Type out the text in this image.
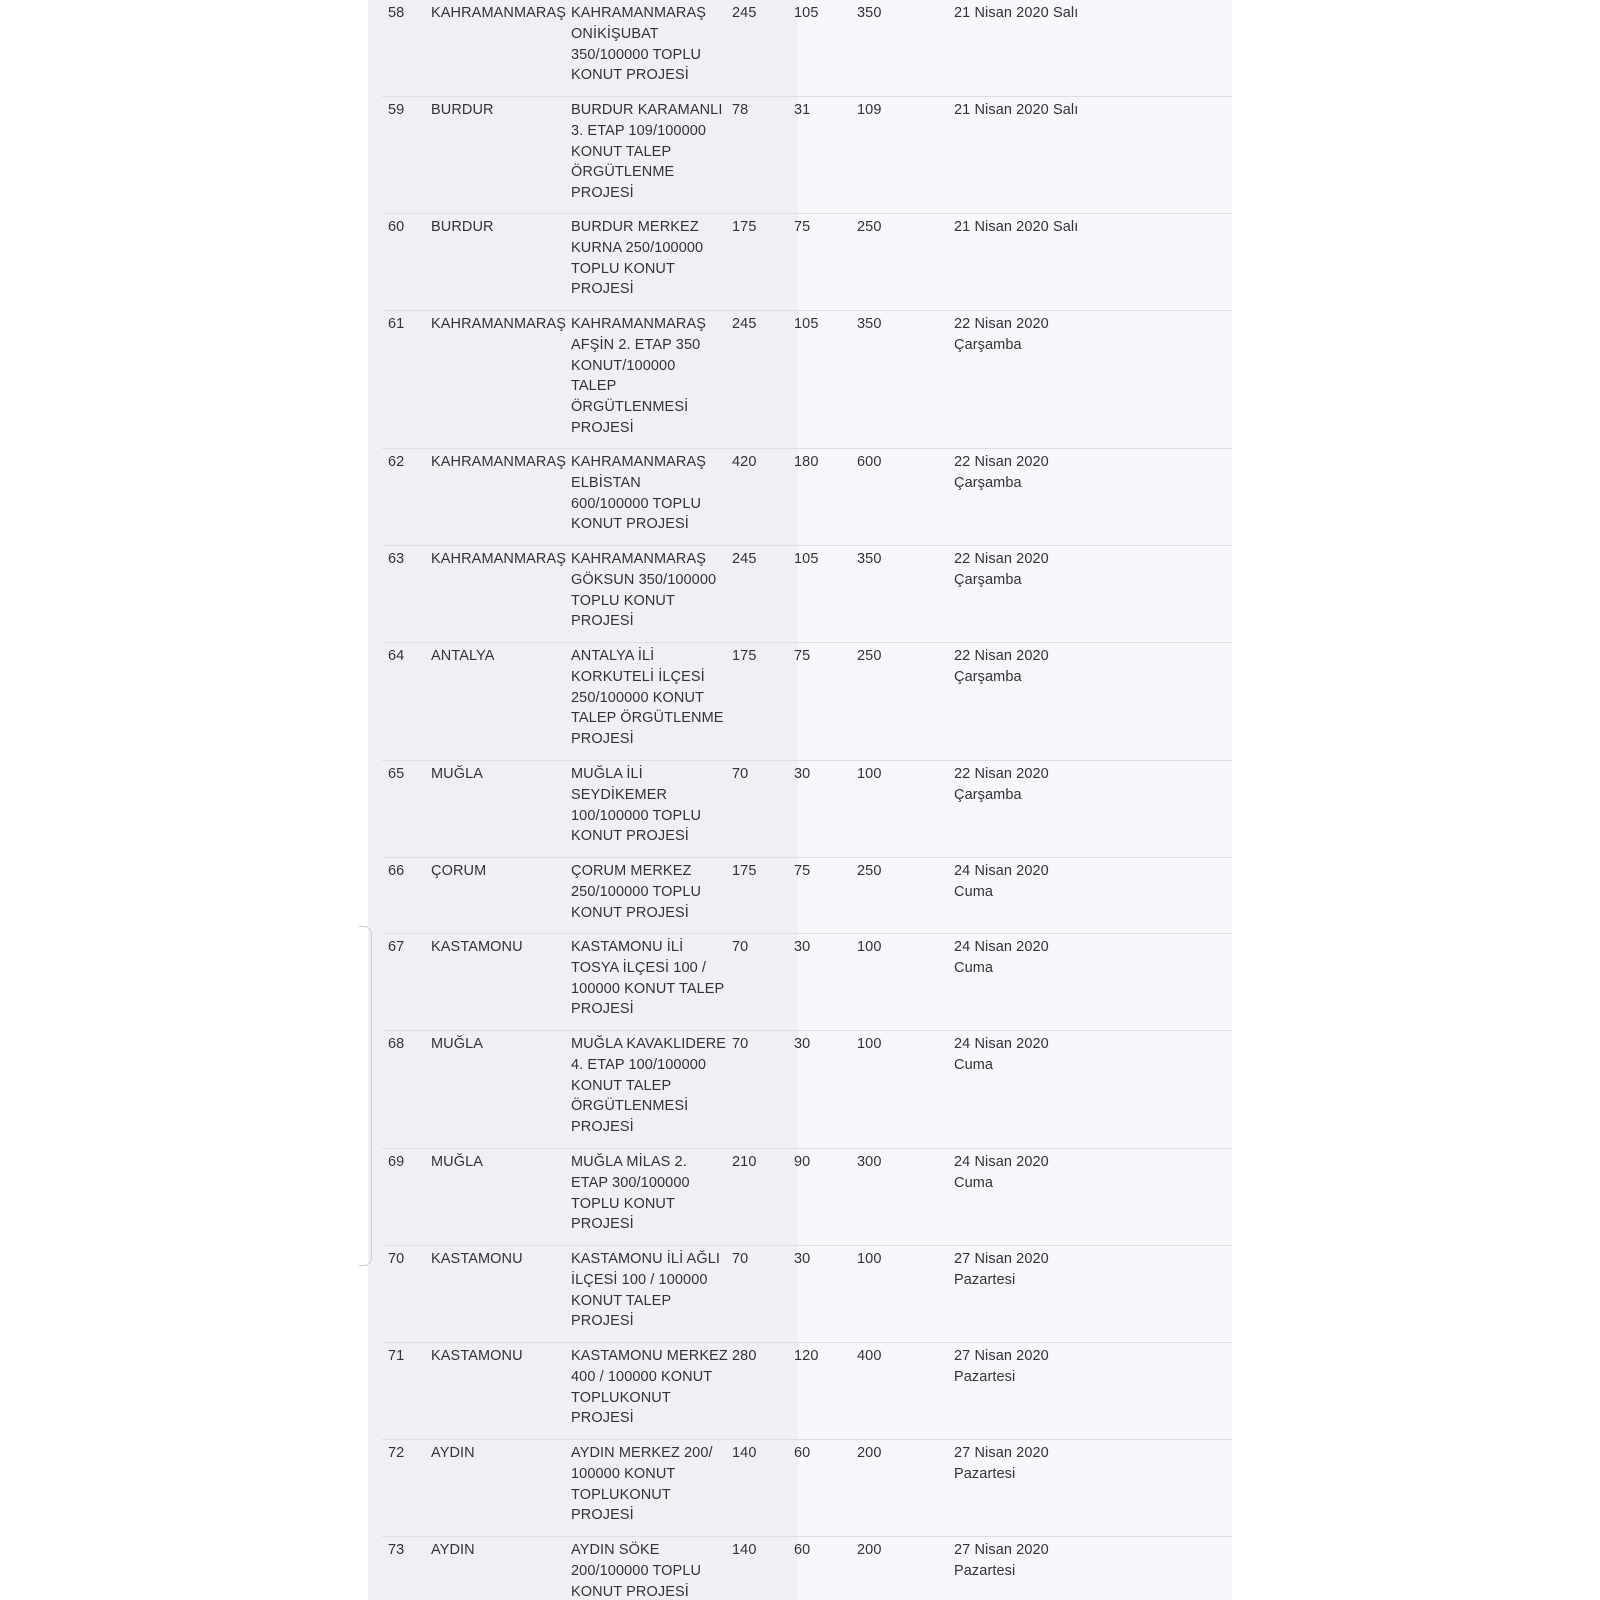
58 KAHRAMANMARAŞ KAHRAMANMARAŞ
ONİKİŞUBAT
350/100000 TOPLU
KONUT PROJESİ
245	105	350	21 Nisan 2020 Salı
59 BURDUR	BURDUR KARAMANLI
3. ETAP 109/100000
KONUT TALEP
ÖRGÜTLENME
PROJESİ
78	31	109	21 Nisan 2020 Salı
60 BURDUR	BURDUR MERKEZ
KURNA 250/100000
TOPLU KONUT
PROJESİ
175	75	250	21 Nisan 2020 Salı
61 KAHRAMANMARAŞ KAHRAMANMARAŞ
AFŞİN 2. ETAP 350
KONUT/100000
TALEP
ÖRGÜTLENMESİ
PROJESİ
245	105	350	22 Nisan 2020
Çarşamba
62 KAHRAMANMARAŞ KAHRAMANMARAŞ
ELBİSTAN
600/100000 TOPLU
KONUT PROJESİ
420	180	600	22 Nisan 2020
Çarşamba
63 KAHRAMANMARAŞ KAHRAMANMARAŞ
GÖKSUN 350/100000
TOPLU KONUT
PROJESİ
245	105	350	22 Nisan 2020
Çarşamba
64 ANTALYA	ANTALYA İLİ
KORKUTELİ İLÇESİ
250/100000 KONUT
TALEP ÖRGÜTLENME
PROJESİ
175	75	250	22 Nisan 2020
Çarşamba
65 MUĞLA	MUĞLA İLİ
SEYDİKEMER
100/100000 TOPLU
KONUT PROJESİ
70	30	100	22 Nisan 2020
Çarşamba
66 ÇORUM	ÇORUM MERKEZ
250/100000 TOPLU
KONUT PROJESİ
175	75	250	24 Nisan 2020
Cuma
67 KASTAMONU	KASTAMONU İLİ
TOSYA İLÇESİ 100 /
100000 KONUT TALEP
PROJESİ
70	30	100	24 Nisan 2020
Cuma
68 MUĞLA	MUĞLA KAVAKLIDERE
4. ETAP 100/100000
KONUT TALEP
ÖRGÜTLENMESİ
PROJESİ
70	30	100	24 Nisan 2020
Cuma
69 MUĞLA	MUĞLA MİLAS 2.
ETAP 300/100000
TOPLU KONUT
PROJESİ
210	90	300	24 Nisan 2020
Cuma
70 KASTAMONU	KASTAMONU İLİ AĞLI
İLÇESİ 100 / 100000
KONUT TALEP
PROJESİ
70	30	100	27 Nisan 2020
Pazartesi
71 KASTAMONU	KASTAMONU MERKEZ
400 / 100000 KONUT
TOPLUKONUT
PROJESİ
280	120	400	27 Nisan 2020
Pazartesi
72 AYDIN	AYDIN MERKEZ 200/
100000 KONUT
TOPLUKONUT
PROJESİ
140	60	200	27 Nisan 2020
Pazartesi
73 AYDIN	AYDIN SÖKE
200/100000 TOPLU
KONUT PROJESİ
140	60	200	27 Nisan 2020
Pazartesi
